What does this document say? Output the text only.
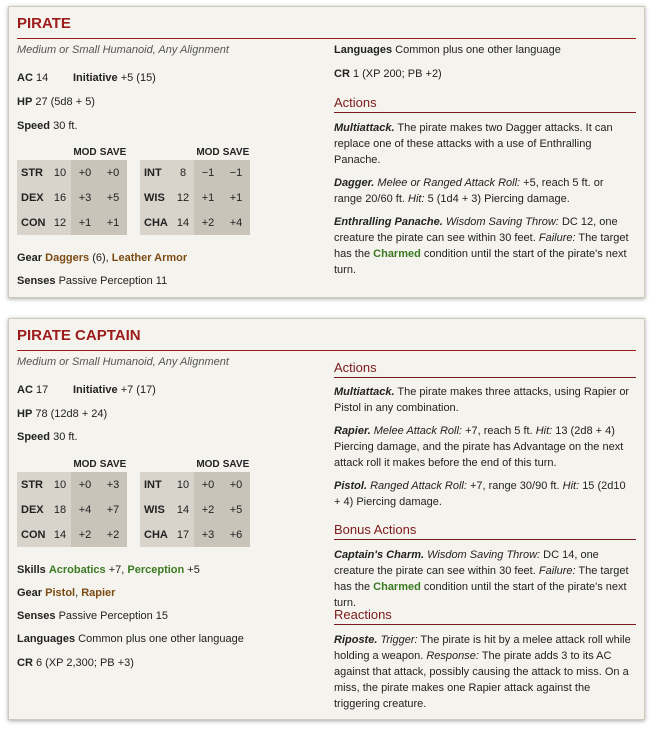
PIRATE
Medium or Small Humanoid, Any Alignment
AC 14 Initiative +5 (15)
HP 27 (5d8 + 5)
Speed 30 ft.
		MOD	SAVE
STR	10	+0	+0
DEX	16	+3	+5
CON	12	+1	+1
		MOD	SAVE
INT	8	−1	−1
WIS	12	+1	+1
CHA	14	+2	+4
Gear Daggers (6), Leather Armor
Senses Passive Perception 11
Languages Common plus one other language
CR 1 (XP 200; PB +2)
Actions
Multiattack. The pirate makes two Dagger attacks. It can replace one of these attacks with a use of Enthralling Panache.
Dagger. Melee or Ranged Attack Roll: +5, reach 5 ft. or range 20/60 ft. Hit: 5 (1d4 + 3) Piercing damage.
Enthralling Panache. Wisdom Saving Throw: DC 12, one creature the pirate can see within 30 feet. Failure: The target has the Charmed condition until the start of the pirate's next turn.
PIRATE CAPTAIN
Medium or Small Humanoid, Any Alignment
AC 17 Initiative +7 (17)
HP 78 (12d8 + 24)
Speed 30 ft.
		MOD	SAVE
STR	10	+0	+3
DEX	18	+4	+7
CON	14	+2	+2
		MOD	SAVE
INT	10	+0	+0
WIS	14	+2	+5
CHA	17	+3	+6
Skills Acrobatics +7, Perception +5
Gear Pistol, Rapier
Senses Passive Perception 15
Languages Common plus one other language
CR 6 (XP 2,300; PB +3)
Actions
Multiattack. The pirate makes three attacks, using Rapier or Pistol in any combination.
Rapier. Melee Attack Roll: +7, reach 5 ft. Hit: 13 (2d8 + 4) Piercing damage, and the pirate has Advantage on the next attack roll it makes before the end of this turn.
Pistol. Ranged Attack Roll: +7, range 30/90 ft. Hit: 15 (2d10 + 4) Piercing damage.
Bonus Actions
Captain's Charm. Wisdom Saving Throw: DC 14, one creature the pirate can see within 30 feet. Failure: The target has the Charmed condition until the start of the pirate's next turn.
Reactions
Riposte. Trigger: The pirate is hit by a melee attack roll while holding a weapon. Response: The pirate adds 3 to its AC against that attack, possibly causing the attack to miss. On a miss, the pirate makes one Rapier attack against the triggering creature.
